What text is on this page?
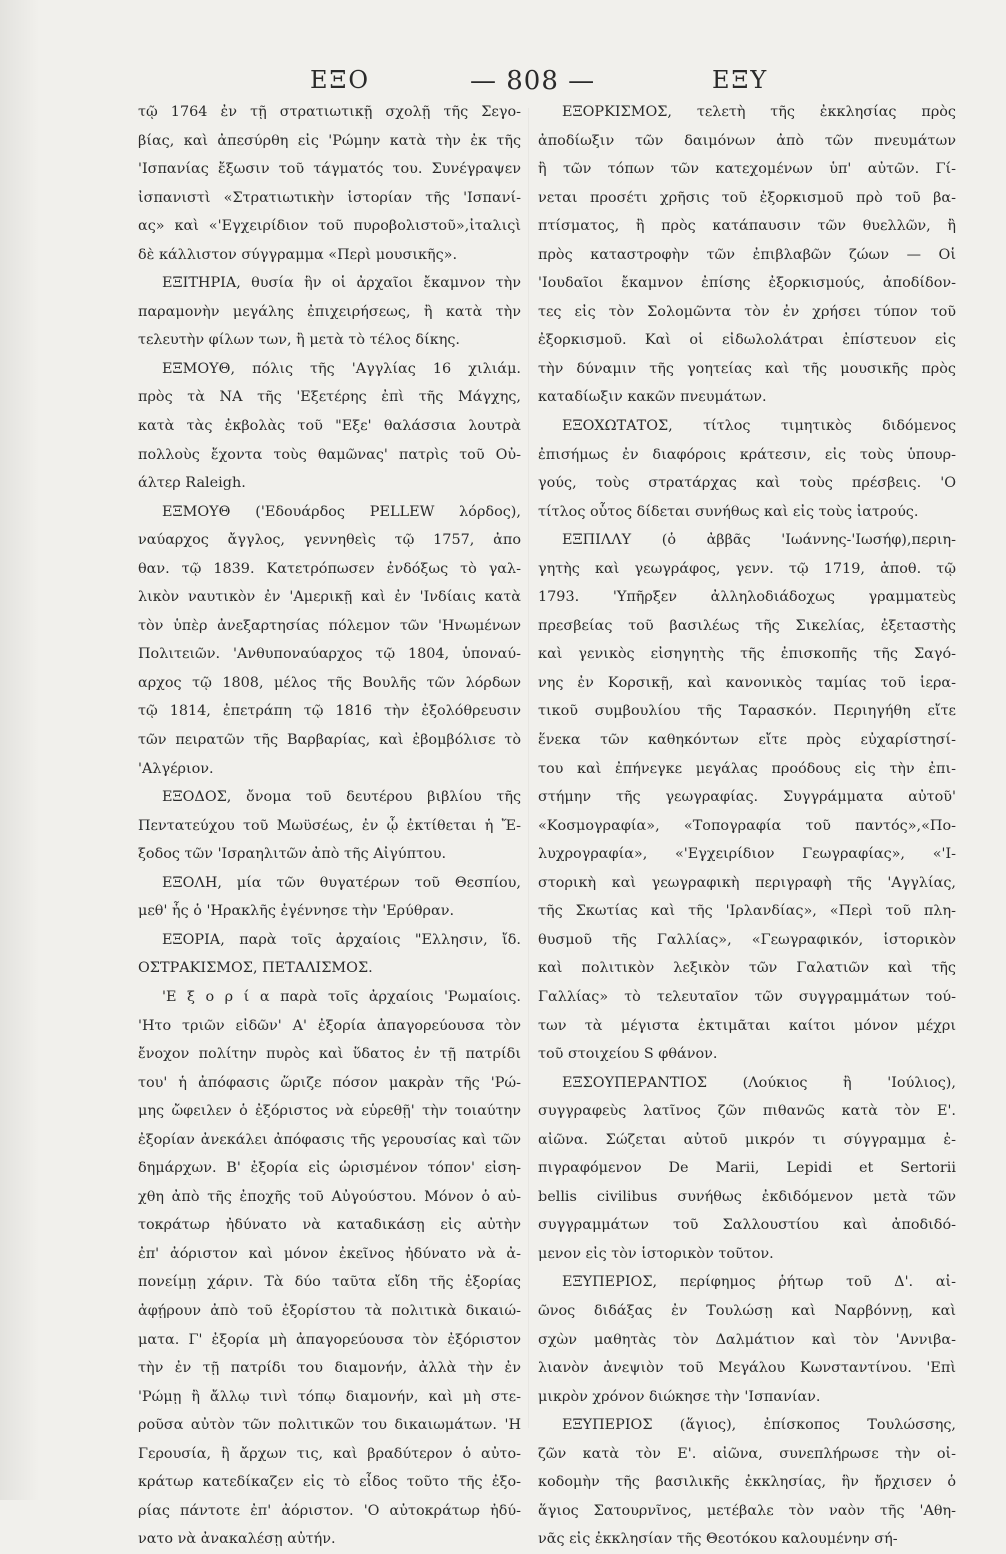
ΕΞΟ	— 808 —	ΕΞΥ
τῷ 1764 ἐν τῇ στρατιωτικῇ σχολῇ τῆς Σεγο-
βίας, καὶ ἀπεσύρθη εἰς 'Ρώμην κατὰ τὴν ἐκ τῆς
'Ισπανίας ἔξωσιν τοῦ τάγματός του. Συνέγραψεν
ἰσπανιστὶ «Στρατιωτικὴν ἱστορίαν τῆς 'Ισπανί-
ας» καὶ «'Εγχειρίδιον τοῦ πυροβολιστοῦ»,ἰταλιςὶ
δὲ κάλλιστον σύγγραμμα «Περὶ μουσικῆς».
ΕΞΙΤΗΡΙΑ, θυσία ἣν οἱ ἀρχαῖοι ἔκαμνον τὴν
παραμονὴν μεγάλης ἐπιχειρήσεως, ἢ κατὰ τὴν
τελευτὴν φίλων των, ἢ μετὰ τὸ τέλος δίκης.
ΕΞΜΟΥΘ, πόλις τῆς 'Αγγλίας 16 χιλιάμ.
πρὸς τὰ ΝΑ τῆς 'Εξετέρης ἐπὶ τῆς Μάγχης,
κατὰ τὰς ἐκβολὰς τοῦ "Εξε' θαλάσσια λουτρὰ
πολλοὺς ἔχοντα τοὺς θαμῶνας' πατρὶς τοῦ Οὐ-
άλτερ Raleigh.
ΕΞΜΟΥΘ ('Εδουάρδος PELLEW λόρδος),
ναύαρχος ἄγγλος, γεννηθεὶς τῷ 1757, ἀπο
θαν. τῷ 1839. Κατετρόπωσεν ἐνδόξως τὸ γαλ-
λικὸν ναυτικὸν ἐν 'Αμερικῇ καὶ ἐν 'Ινδίαις κατὰ
τὸν ὑπὲρ ἀνεξαρτησίας πόλεμον τῶν 'Ηνωμένων
Πολιτειῶν. 'Ανθυποναύαρχος τῷ 1804, ὑποναύ-
αρχος τῷ 1808, μέλος τῆς Βουλῆς τῶν λόρδων
τῷ 1814, ἐπετράπη τῷ 1816 τὴν ἐξολόθρευσιν
τῶν πειρατῶν τῆς Βαρβαρίας, καὶ ἐβομβόλισε τὸ
'Αλγέριον.
ΕΞΟΔΟΣ, ὄνομα τοῦ δευτέρου βιβλίου τῆς
Πεντατεύχου τοῦ Μωϋσέως, ἐν ᾧ ἐκτίθεται ἡ Ἔ-
ξοδος τῶν 'Ισραηλιτῶν ἀπὸ τῆς Αἰγύπτου.
ΕΞΟΛΗ, μία τῶν θυγατέρων τοῦ Θεσπίου,
μεθ' ἧς ὁ 'Ηρακλῆς ἐγέννησε τὴν 'Ερύθραν.
ΕΞΟΡΙΑ, παρὰ τοῖς ἀρχαίοις "Ελλησιν, ἴδ.
ΟΣΤΡΑΚΙΣΜΟΣ, ΠΕΤΑΛΙΣΜΟΣ.
'Ε ξ ο ρ ί α παρὰ τοῖς ἀρχαίοις 'Ρωμαίοις.
'Ητο τριῶν εἰδῶν' Α' ἐξορία ἀπαγορεύουσα τὸν
ἔνοχον πολίτην πυρὸς καὶ ὕδατος ἐν τῇ πατρίδι
του' ἡ ἀπόφασις ὥριζε πόσον μακρὰν τῆς 'Ρώ-
μης ὤφειλεν ὁ ἐξόριστος νὰ εὑρεθῇ' τὴν τοιαύτην
ἐξορίαν ἀνεκάλει ἀπόφασις τῆς γερουσίας καὶ τῶν
δημάρχων. Β' ἐξορία εἰς ὡρισμένον τόπον' εἰση-
χθη ἀπὸ τῆς ἐποχῆς τοῦ Αὐγούστου. Μόνον ὁ αὐ-
τοκράτωρ ἠδύνατο νὰ καταδικάσῃ εἰς αὐτὴν
ἐπ' ἀόριστον καὶ μόνον ἐκεῖνος ἠδύνατο νὰ ἀ-
πονείμῃ χάριν. Τὰ δύο ταῦτα εἴδη τῆς ἐξορίας
ἀφῄρουν ἀπὸ τοῦ ἐξορίστου τὰ πολιτικὰ δικαιώ-
ματα. Γ' ἐξορία μὴ ἀπαγορεύουσα τὸν ἐξόριστον
τὴν ἐν τῇ πατρίδι του διαμονήν, ἀλλὰ τὴν ἐν
'Ρώμῃ ἢ ἄλλῳ τινὶ τόπῳ διαμονήν, καὶ μὴ στε-
ροῦσα αὐτὸν τῶν πολιτικῶν του δικαιωμάτων. 'Η
Γερουσία, ἢ ἄρχων τις, καὶ βραδύτερον ὁ αὐτο-
κράτωρ κατεδίκαζεν εἰς τὸ εἶδος τοῦτο τῆς ἐξο-
ρίας πάντοτε ἐπ' ἀόριστον. 'Ο αὐτοκράτωρ ἠδύ-
νατο νὰ ἀνακαλέσῃ αὐτήν.
ΕΞΟΡΚΙΣΜΟΣ, τελετὴ τῆς ἐκκλησίας πρὸς
ἀποδίωξιν τῶν δαιμόνων ἀπὸ τῶν πνευμάτων
ἢ τῶν τόπων τῶν κατεχομένων ὑπ' αὐτῶν. Γί-
νεται προσέτι χρῆσις τοῦ ἐξορκισμοῦ πρὸ τοῦ βα-
πτίσματος, ἢ πρὸς κατάπαυσιν τῶν θυελλῶν, ἢ
πρὸς καταστροφὴν τῶν ἐπιβλαβῶν ζώων — Οἱ
'Ιουδαῖοι ἔκαμνον ἐπίσης ἐξορκισμούς, ἀποδίδον-
τες εἰς τὸν Σολομῶντα τὸν ἐν χρήσει τύπον τοῦ
ἐξορκισμοῦ. Καὶ οἱ εἰδωλολάτραι ἐπίστευον εἰς
τὴν δύναμιν τῆς γοητείας καὶ τῆς μουσικῆς πρὸς
καταδίωξιν κακῶν πνευμάτων.
ΕΞΟΧΩΤΑΤΟΣ, τίτλος τιμητικὸς διδόμενος
ἐπισήμως ἐν διαφόροις κράτεσιν, εἰς τοὺς ὑπουρ-
γούς, τοὺς στρατάρχας καὶ τοὺς πρέσβεις. 'Ο
τίτλος οὗτος δίδεται συνήθως καὶ εἰς τοὺς ἰατρούς.
ΕΞΠΙΛΛΥ (ὁ ἀββᾶς 'Ιωάννης-'Ιωσήφ),περιη-
γητὴς καὶ γεωγράφος, γενν. τῷ 1719, ἀποθ. τῷ
1793. 'Υπῆρξεν ἀλληλοδιάδοχως γραμματεὺς
πρεσβείας τοῦ βασιλέως τῆς Σικελίας, ἐξεταστὴς
καὶ γενικὸς εἰσηγητὴς τῆς ἐπισκοπῆς τῆς Σαγό-
νης ἐν Κορσικῇ, καὶ κανονικὸς ταμίας τοῦ ἱερα-
τικοῦ συμβουλίου τῆς Ταρασκόν. Περιηγήθη εἴτε
ἕνεκα τῶν καθηκόντων εἴτε πρὸς εὐχαρίστησί-
του καὶ ἐπήνεγκε μεγάλας προόδους εἰς τὴν ἐπι-
στήμην τῆς γεωγραφίας. Συγγράμματα αὐτοῦ'
«Κοσμογραφία», «Τοπογραφία τοῦ παντός»,«Πο-
λυχρογραφία», «'Εγχειρίδιον Γεωγραφίας», «'Ι-
στορικὴ καὶ γεωγραφικὴ περιγραφὴ τῆς 'Αγγλίας,
τῆς Σκωτίας καὶ τῆς 'Ιρλανδίας», «Περὶ τοῦ πλη-
θυσμοῦ τῆς Γαλλίας», «Γεωγραφικόν, ἱστορικὸν
καὶ πολιτικὸν λεξικὸν τῶν Γαλατιῶν καὶ τῆς
Γαλλίας» τὸ τελευταῖον τῶν συγγραμμάτων τού-
των τὰ μέγιστα ἐκτιμᾶται καίτοι μόνον μέχρι
τοῦ στοιχείου S φθάνον.
ΕΞΣΟΥΠΕΡΑΝΤΙΟΣ (Λούκιος ἢ 'Ιούλιος),
συγγραφεὺς λατῖνος ζῶν πιθανῶς κατὰ τὸν Ε'.
αἰῶνα. Σώζεται αὐτοῦ μικρόν τι σύγγραμμα ἐ-
πιγραφόμενον De Marii, Lepidi et Sertorii
bellis civilibus συνήθως ἐκδιδόμενον μετὰ τῶν
συγγραμμάτων τοῦ Σαλλουστίου καὶ ἀποδιδό-
μενον εἰς τὸν ἱστορικὸν τοῦτον.
ΕΞΥΠΕΡΙΟΣ, περίφημος ῥήτωρ τοῦ Δ'. αἰ-
ῶνος διδάξας ἐν Τουλώσῃ καὶ Ναρβόννῃ, καὶ
σχὼν μαθητὰς τὸν Δαλμάτιον καὶ τὸν 'Αννιβα-
λιανὸν ἀνεψιὸν τοῦ Μεγάλου Κωνσταντίνου. 'Επὶ
μικρὸν χρόνον διώκησε τὴν 'Ισπανίαν.
ΕΞΥΠΕΡΙΟΣ (ἅγιος), ἐπίσκοπος Τουλώσσης,
ζῶν κατὰ τὸν Ε'. αἰῶνα, συνεπλήρωσε τὴν οἰ-
κοδομὴν τῆς βασιλικῆς ἐκκλησίας, ἣν ἤρχισεν ὁ
ἅγιος Σατουρνῖνος, μετέβαλε τὸν ναὸν τῆς 'Αθη-
νᾶς εἰς ἐκκλησίαν τῆς Θεοτόκου καλουμένην σή-
